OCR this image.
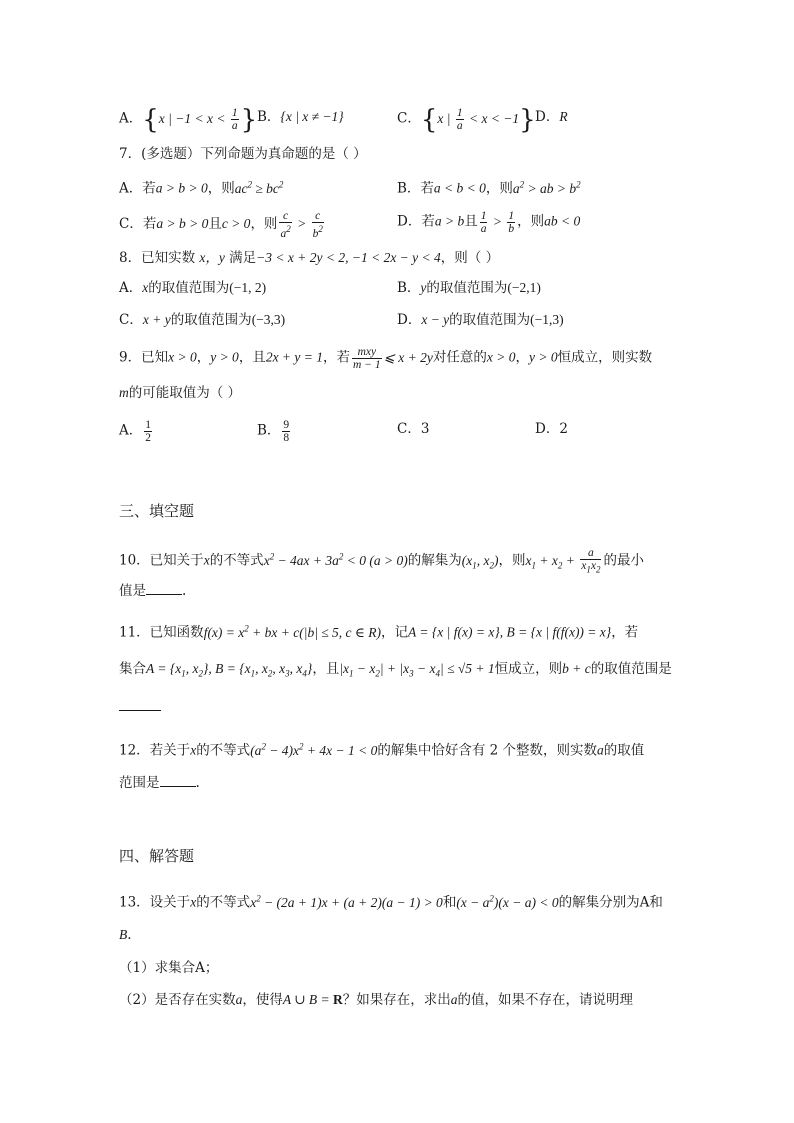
A．{x | $-1 < x < \frac{1}{a}$ } B．{x | x ≠ −1}	C．{x | $\frac{1}{a} < x < -1$} D．R
7．(多选题）下列命题为真命题的是（ ）
A．若a > b > 0，则$ac^2 \ge bc^2$	B．若a < b < 0，则$a^2$ > ab > $b^2$
C．若a > b > 0且c > 0，则 $\frac{c}{a^2} > \frac{c}{b^2}$	D．若a > b且 $\frac{1}{a} > \frac{1}{b}$ ，则ab < 0
8．已知实数 x，y 满足−3 < x + 2y < 2, −1 < 2x − y < 4，则（ ）
A．x的取值范围为(−1, 2)	B．y的取值范围为(−2,1)
C．x + y的取值范围为(−3,3)	D．x − y的取值范围为(−1,3)
9．已知x > 0，y > 0，且2x + y = 1，若 $\frac{\text{mxy}}{m - 1}$ ⩽ x + 2y对任意的x > 0，y > 0恒成立，则实数
m的可能取值为（ ）
A． $\frac{1}{2}$	B． $\frac{9}{8}$	C．3	D．2
三、填空题
10．已知关于x的不等式$x^2 - 4ax + 3a^2 < 0$ (a > 0)的解集为($x_1$, $x_2$)，则$x_1 + x_2 + \frac{a}{x_1x_2}$ 的最小
值是	.
11．已知函数$f(x) = x^2$ + bx + c(|b| ≤ 5, c ∈ R)，记A = {x | f(x) = x}, B = {x | f(f(x)) = x}，若
集合$A = \{x_1$, $x_2$}, $B = \{x_1$, $x_2$, $x_3$, $x_4$}，且$|x_1 - x_2| + |x_3 - x_4| \le √5 + 1$恒成立，则b + c的取值范围是
12．若关于x的不等式$(a^2 - 4)x^2 + 4x - 1 < 0$的解集中恰好含有 2 个整数，则实数a的取值
范围是	.
四、解答题
13．设关于x的不等式$x^2 - (2a + 1)x + (a + 2)(a - 1) > 0$和$(x - a^2)(x - a) < 0$的解集分别为A和
B.
（1）求集合A；
（2）是否存在实数a，使得A ∪ B = R？如果存在，求出a的值，如果不存在，请说明理
